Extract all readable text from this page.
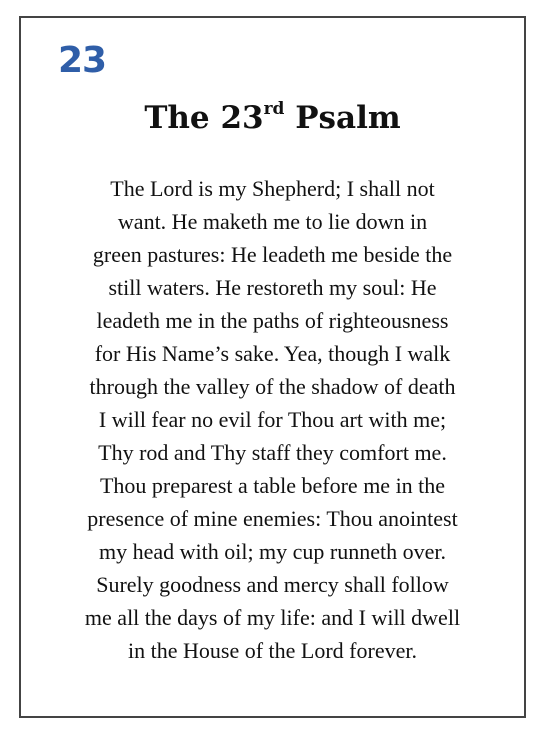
23
The 23rd Psalm
The Lord is my Shepherd; I shall not
want. He maketh me to lie down in
green pastures: He leadeth me beside the
still waters. He restoreth my soul: He
leadeth me in the paths of righteousness
for His Name’s sake. Yea, though I walk
through the valley of the shadow of death
I will fear no evil for Thou art with me;
Thy rod and Thy staff they comfort me.
Thou preparest a table before me in the
presence of mine enemies: Thou anointest
my head with oil; my cup runneth over.
Surely goodness and mercy shall follow
me all the days of my life: and I will dwell
in the House of the Lord forever.
